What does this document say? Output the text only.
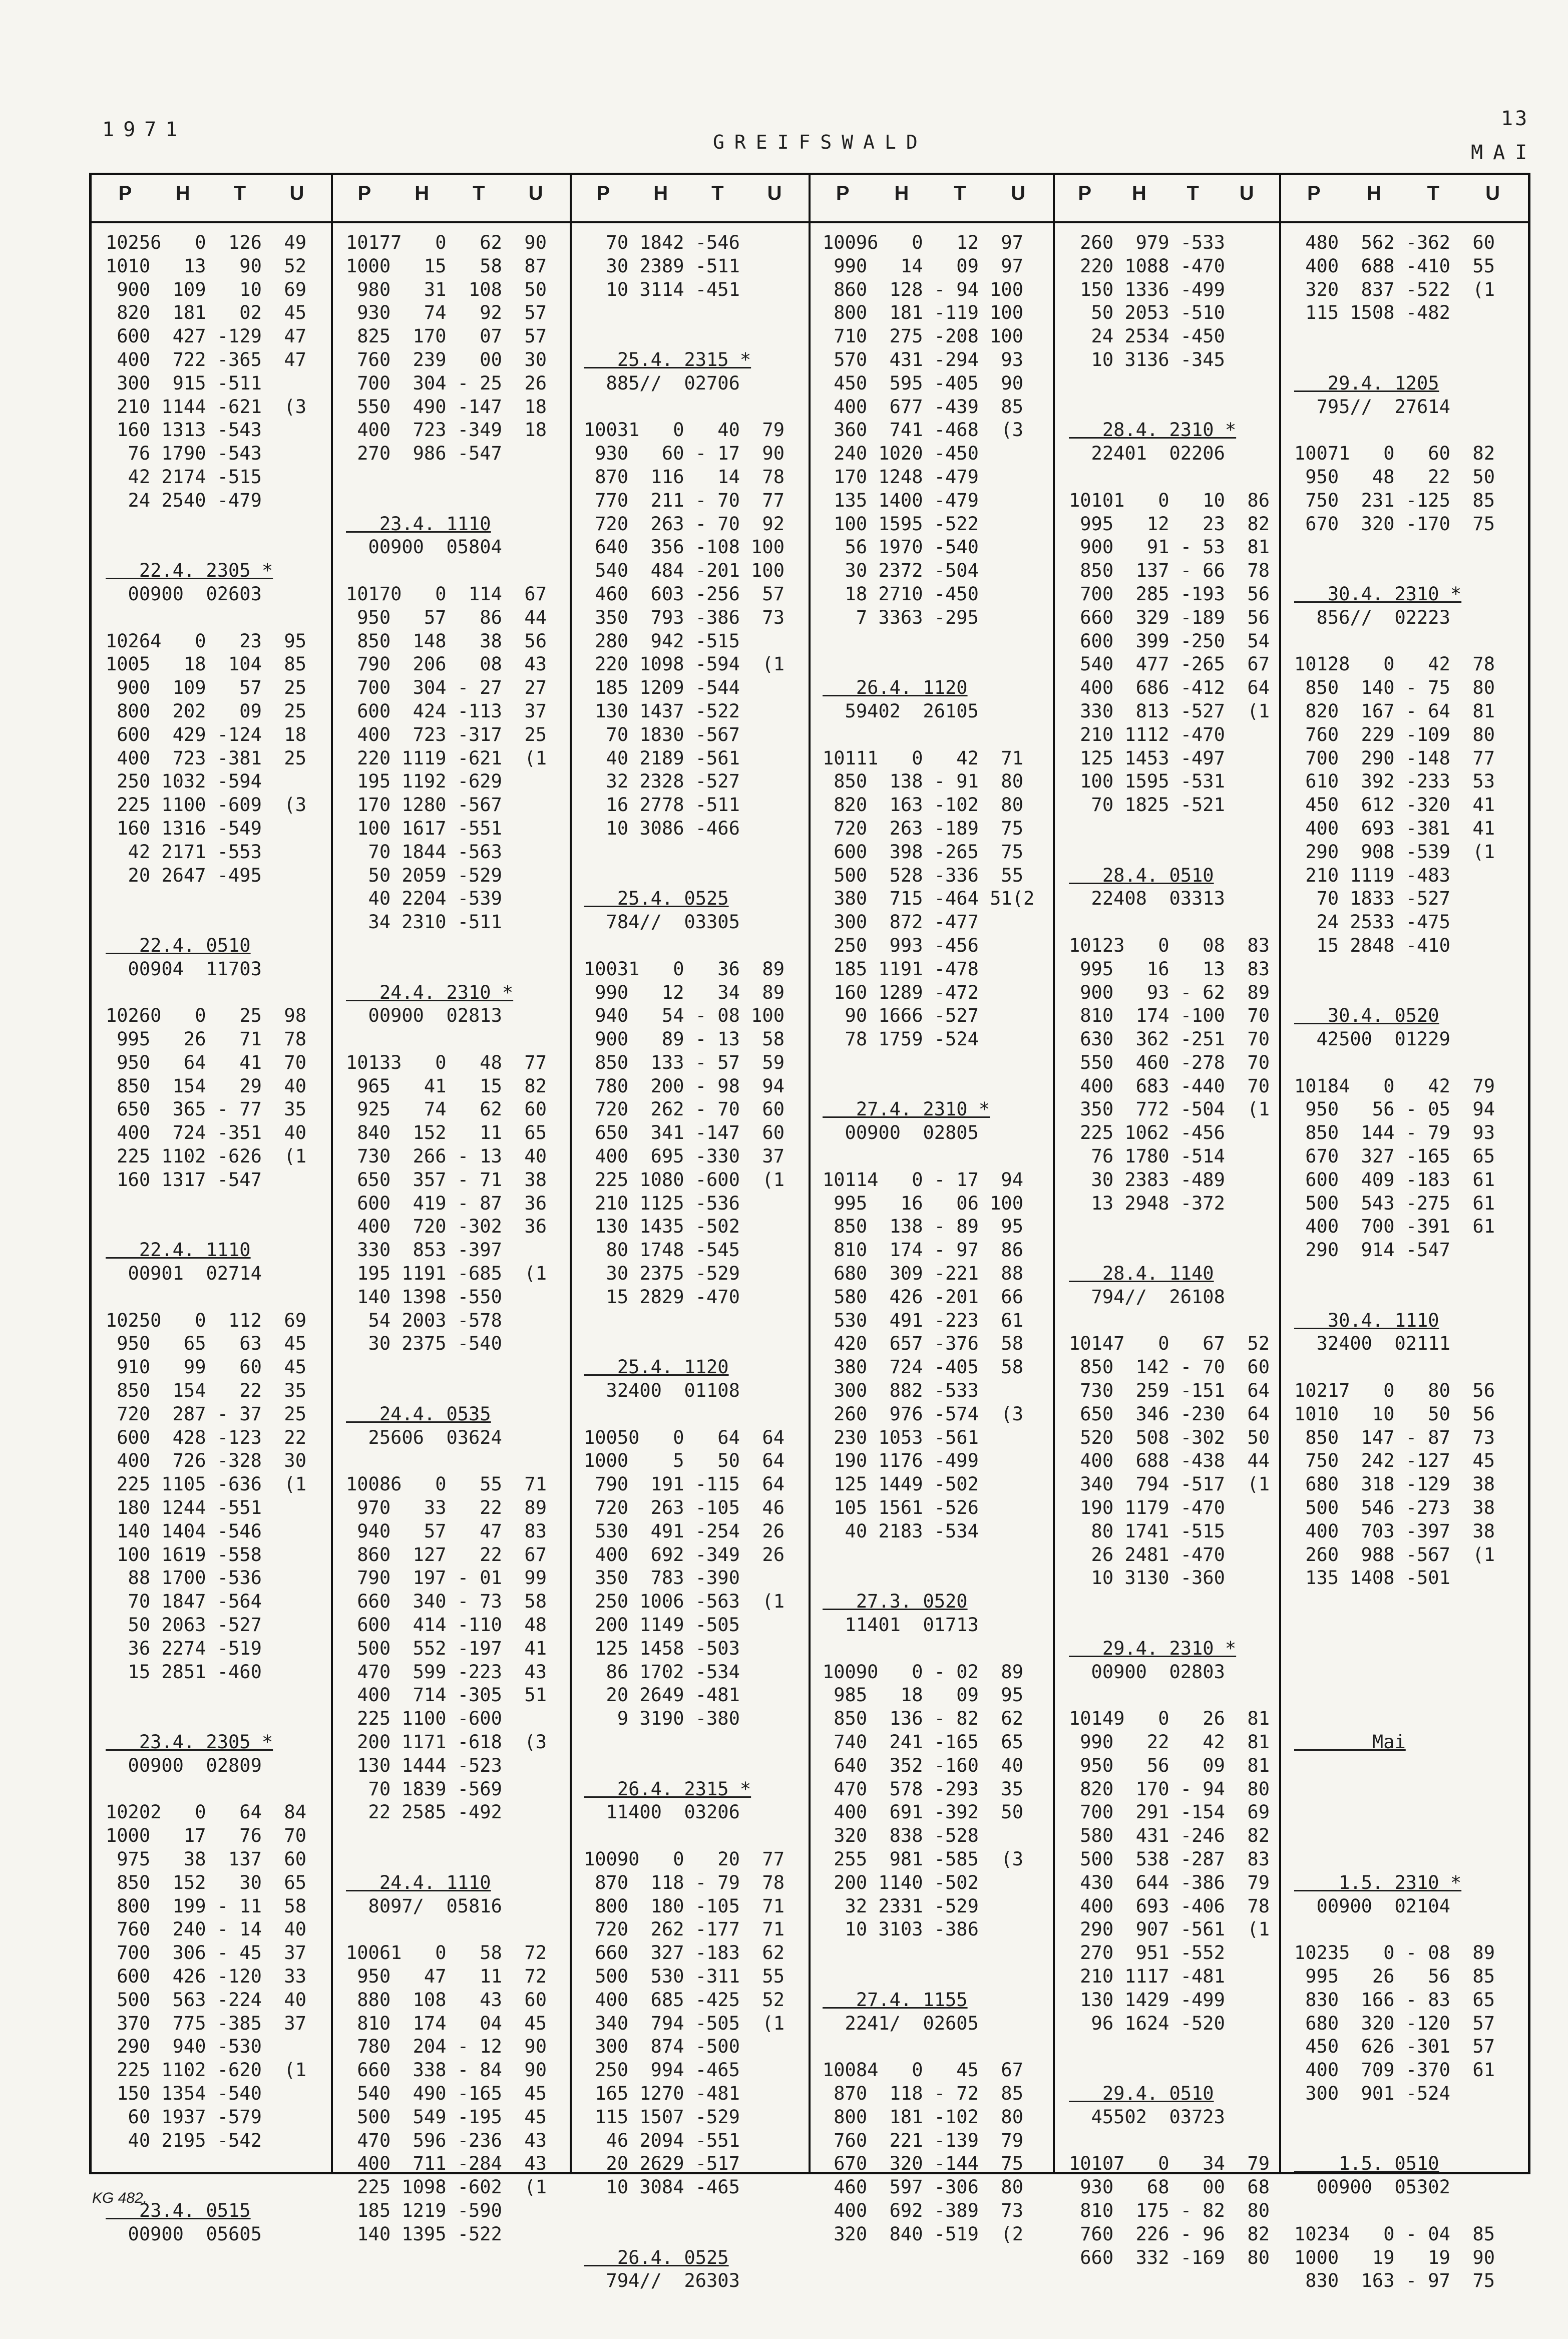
1971
GREIFSWALD
13
MAI
P H T U
10256   0  126  49
1010   13   90  52
900  109   10  69
820  181   02  45
600  427 -129  47
400  722 -365  47
300  915 -511
210 1144 -621  (3
160 1313 -543
76 1790 -543
42 2174 -515
24 2540 -479
22.4. 2305 *
00900  02603
10264   0   23  95
1005   18  104  85
900  109   57  25
800  202   09  25
600  429 -124  18
400  723 -381  25
250 1032 -594
225 1100 -609  (3
160 1316 -549
42 2171 -553
20 2647 -495
22.4. 0510
00904  11703
10260   0   25  98
995   26   71  78
950   64   41  70
850  154   29  40
650  365 - 77  35
400  724 -351  40
225 1102 -626  (1
160 1317 -547
22.4. 1110
00901  02714
10250   0  112  69
950   65   63  45
910   99   60  45
850  154   22  35
720  287 - 37  25
600  428 -123  22
400  726 -328  30
225 1105 -636  (1
180 1244 -551
140 1404 -546
100 1619 -558
88 1700 -536
70 1847 -564
50 2063 -527
36 2274 -519
15 2851 -460
23.4. 2305 *
00900  02809
10202   0   64  84
1000   17   76  70
975   38  137  60
850  152   30  65
800  199 - 11  58
760  240 - 14  40
700  306 - 45  37
600  426 -120  33
500  563 -224  40
370  775 -385  37
290  940 -530
225 1102 -620  (1
150 1354 -540
60 1937 -579
40 2195 -542
23.4. 0515
00900  05605
P H T U
10177   0   62  90
1000   15   58  87
980   31  108  50
930   74   92  57
825  170   07  57
760  239   00  30
700  304 - 25  26
550  490 -147  18
400  723 -349  18
270  986 -547
23.4. 1110
00900  05804
10170   0  114  67
950   57   86  44
850  148   38  56
790  206   08  43
700  304 - 27  27
600  424 -113  37
400  723 -317  25
220 1119 -621  (1
195 1192 -629
170 1280 -567
100 1617 -551
70 1844 -563
50 2059 -529
40 2204 -539
34 2310 -511
24.4. 2310 *
00900  02813
10133   0   48  77
965   41   15  82
925   74   62  60
840  152   11  65
730  266 - 13  40
650  357 - 71  38
600  419 - 87  36
400  720 -302  36
330  853 -397
195 1191 -685  (1
140 1398 -550
54 2003 -578
30 2375 -540
24.4. 0535
25606  03624
10086   0   55  71
970   33   22  89
940   57   47  83
860  127   22  67
790  197 - 01  99
660  340 - 73  58
600  414 -110  48
500  552 -197  41
470  599 -223  43
400  714 -305  51
225 1100 -600
200 1171 -618  (3
130 1444 -523
70 1839 -569
22 2585 -492
24.4. 1110
8097/  05816
10061   0   58  72
950   47   11  72
880  108   43  60
810  174   04  45
780  204 - 12  90
660  338 - 84  90
540  490 -165  45
500  549 -195  45
470  596 -236  43
400  711 -284  43
225 1098 -602  (1
185 1219 -590
140 1395 -522
P H T U
70 1842 -546
30 2389 -511
10 3114 -451
25.4. 2315 *
885//  02706
10031   0   40  79
930   60 - 17  90
870  116   14  78
770  211 - 70  77
720  263 - 70  92
640  356 -108 100
540  484 -201 100
460  603 -256  57
350  793 -386  73
280  942 -515
220 1098 -594  (1
185 1209 -544
130 1437 -522
70 1830 -567
40 2189 -561
32 2328 -527
16 2778 -511
10 3086 -466
25.4. 0525
784//  03305
10031   0   36  89
990   12   34  89
940   54 - 08 100
900   89 - 13  58
850  133 - 57  59
780  200 - 98  94
720  262 - 70  60
650  341 -147  60
400  695 -330  37
225 1080 -600  (1
210 1125 -536
130 1435 -502
80 1748 -545
30 2375 -529
15 2829 -470
25.4. 1120
32400  01108
10050   0   64  64
1000    5   50  64
790  191 -115  64
720  263 -105  46
530  491 -254  26
400  692 -349  26
350  783 -390
250 1006 -563  (1
200 1149 -505
125 1458 -503
86 1702 -534
20 2649 -481
9 3190 -380
26.4. 2315 *
11400  03206
10090   0   20  77
870  118 - 79  78
800  180 -105  71
720  262 -177  71
660  327 -183  62
500  530 -311  55
400  685 -425  52
340  794 -505  (1
300  874 -500
250  994 -465
165 1270 -481
115 1507 -529
46 2094 -551
20 2629 -517
10 3084 -465
26.4. 0525
794//  26303
P H T U
10096   0   12  97
990   14   09  97
860  128 - 94 100
800  181 -119 100
710  275 -208 100
570  431 -294  93
450  595 -405  90
400  677 -439  85
360  741 -468  (3
240 1020 -450
170 1248 -479
135 1400 -479
100 1595 -522
56 1970 -540
30 2372 -504
18 2710 -450
7 3363 -295
26.4. 1120
59402  26105
10111   0   42  71
850  138 - 91  80
820  163 -102  80
720  263 -189  75
600  398 -265  75
500  528 -336  55
380  715 -464 51(2
300  872 -477
250  993 -456
185 1191 -478
160 1289 -472
90 1666 -527
78 1759 -524
27.4. 2310 *
00900  02805
10114   0 - 17  94
995   16   06 100
850  138 - 89  95
810  174 - 97  86
680  309 -221  88
580  426 -201  66
530  491 -223  61
420  657 -376  58
380  724 -405  58
300  882 -533
260  976 -574  (3
230 1053 -561
190 1176 -499
125 1449 -502
105 1561 -526
40 2183 -534
27.3. 0520
11401  01713
10090   0 - 02  89
985   18   09  95
850  136 - 82  62
740  241 -165  65
640  352 -160  40
470  578 -293  35
400  691 -392  50
320  838 -528
255  981 -585  (3
200 1140 -502
32 2331 -529
10 3103 -386
27.4. 1155
2241/  02605
10084   0   45  67
870  118 - 72  85
800  181 -102  80
760  221 -139  79
670  320 -144  75
460  597 -306  80
400  692 -389  73
320  840 -519  (2
P H T U
260  979 -533
220 1088 -470
150 1336 -499
50 2053 -510
24 2534 -450
10 3136 -345
28.4. 2310 *
22401  02206
10101   0   10  86
995   12   23  82
900   91 - 53  81
850  137 - 66  78
700  285 -193  56
660  329 -189  56
600  399 -250  54
540  477 -265  67
400  686 -412  64
330  813 -527  (1
210 1112 -470
125 1453 -497
100 1595 -531
70 1825 -521
28.4. 0510
22408  03313
10123   0   08  83
995   16   13  83
900   93 - 62  89
810  174 -100  70
630  362 -251  70
550  460 -278  70
400  683 -440  70
350  772 -504  (1
225 1062 -456
76 1780 -514
30 2383 -489
13 2948 -372
28.4. 1140
794//  26108
10147   0   67  52
850  142 - 70  60
730  259 -151  64
650  346 -230  64
520  508 -302  50
400  688 -438  44
340  794 -517  (1
190 1179 -470
80 1741 -515
26 2481 -470
10 3130 -360
29.4. 2310 *
00900  02803
10149   0   26  81
990   22   42  81
950   56   09  81
820  170 - 94  80
700  291 -154  69
580  431 -246  82
500  538 -287  83
430  644 -386  79
400  693 -406  78
290  907 -561  (1
270  951 -552
210 1117 -481
130 1429 -499
96 1624 -520
29.4. 0510
45502  03723
10107   0   34  79
930   68   00  68
810  175 - 82  80
760  226 - 96  82
660  332 -169  80
P H T U
480  562 -362  60
400  688 -410  55
320  837 -522  (1
115 1508 -482
29.4. 1205
795//  27614
10071   0   60  82
950   48   22  50
750  231 -125  85
670  320 -170  75
30.4. 2310 *
856//  02223
10128   0   42  78
850  140 - 75  80
820  167 - 64  81
760  229 -109  80
700  290 -148  77
610  392 -233  53
450  612 -320  41
400  693 -381  41
290  908 -539  (1
210 1119 -483
70 1833 -527
24 2533 -475
15 2848 -410
30.4. 0520
42500  01229
10184   0   42  79
950   56 - 05  94
850  144 - 79  93
670  327 -165  65
600  409 -183  61
500  543 -275  61
400  700 -391  61
290  914 -547
30.4. 1110
32400  02111
10217   0   80  56
1010   10   50  56
850  147 - 87  73
750  242 -127  45
680  318 -129  38
500  546 -273  38
400  703 -397  38
260  988 -567  (1
135 1408 -501
Mai
1.5. 2310 *
00900  02104
10235   0 - 08  89
995   26   56  85
830  166 - 83  65
680  320 -120  57
450  626 -301  57
400  709 -370  61
300  901 -524
1.5. 0510
00900  05302
10234   0 - 04  85
1000   19   19  90
830  163 - 97  75
KG 482.
